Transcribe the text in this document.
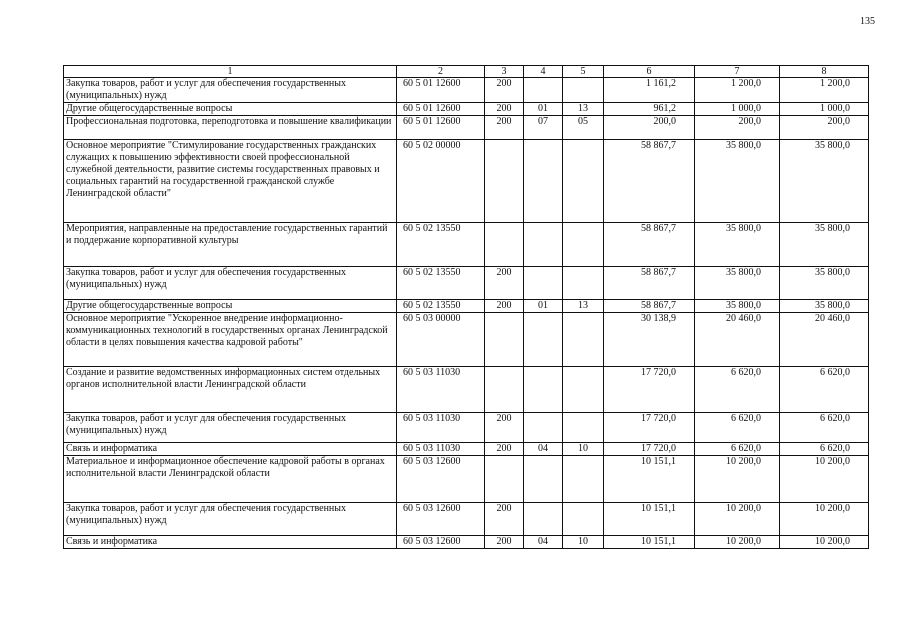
135
1	2	3	4	5	6	7	8
Закупка товаров, работ и услуг для обеспечения государственных (муниципальных) нужд	60 5 01 12600	200			1 161,2	1 200,0	1 200,0
Другие общегосударственные вопросы	60 5 01 12600	200	01	13	961,2	1 000,0	1 000,0
Профессиональная подготовка, переподготовка и повышение квалификации	60 5 01 12600	200	07	05	200,0	200,0	200,0
Основное мероприятие "Стимулирование государственных гражданских служащих к повышению эффективности своей профессиональной служебной деятельности, развитие системы государственных правовых и социальных гарантий на государственной гражданской службе Ленинградской области"	60 5 02 00000				58 867,7	35 800,0	35 800,0
Мероприятия, направленные на предоставление государственных гарантий и поддержание корпоративной культуры	60 5 02 13550				58 867,7	35 800,0	35 800,0
Закупка товаров, работ и услуг для обеспечения государственных (муниципальных) нужд	60 5 02 13550	200			58 867,7	35 800,0	35 800,0
Другие общегосударственные вопросы	60 5 02 13550	200	01	13	58 867,7	35 800,0	35 800,0
Основное мероприятие "Ускоренное внедрение информационно-коммуникационных технологий в государственных органах Ленинградской области в целях повышения качества кадровой работы"	60 5 03 00000				30 138,9	20 460,0	20 460,0
Создание и развитие ведомственных информационных систем отдельных органов исполнительной власти Ленинградской области	60 5 03 11030				17 720,0	6 620,0	6 620,0
Закупка товаров, работ и услуг для обеспечения государственных (муниципальных) нужд	60 5 03 11030	200			17 720,0	6 620,0	6 620,0
Связь и информатика	60 5 03 11030	200	04	10	17 720,0	6 620,0	6 620,0
Материальное и информационное обеспечение кадровой работы в органах исполнительной власти Ленинградской области	60 5 03 12600				10 151,1	10 200,0	10 200,0
Закупка товаров, работ и услуг для обеспечения государственных (муниципальных) нужд	60 5 03 12600	200			10 151,1	10 200,0	10 200,0
Связь и информатика	60 5 03 12600	200	04	10	10 151,1	10 200,0	10 200,0
